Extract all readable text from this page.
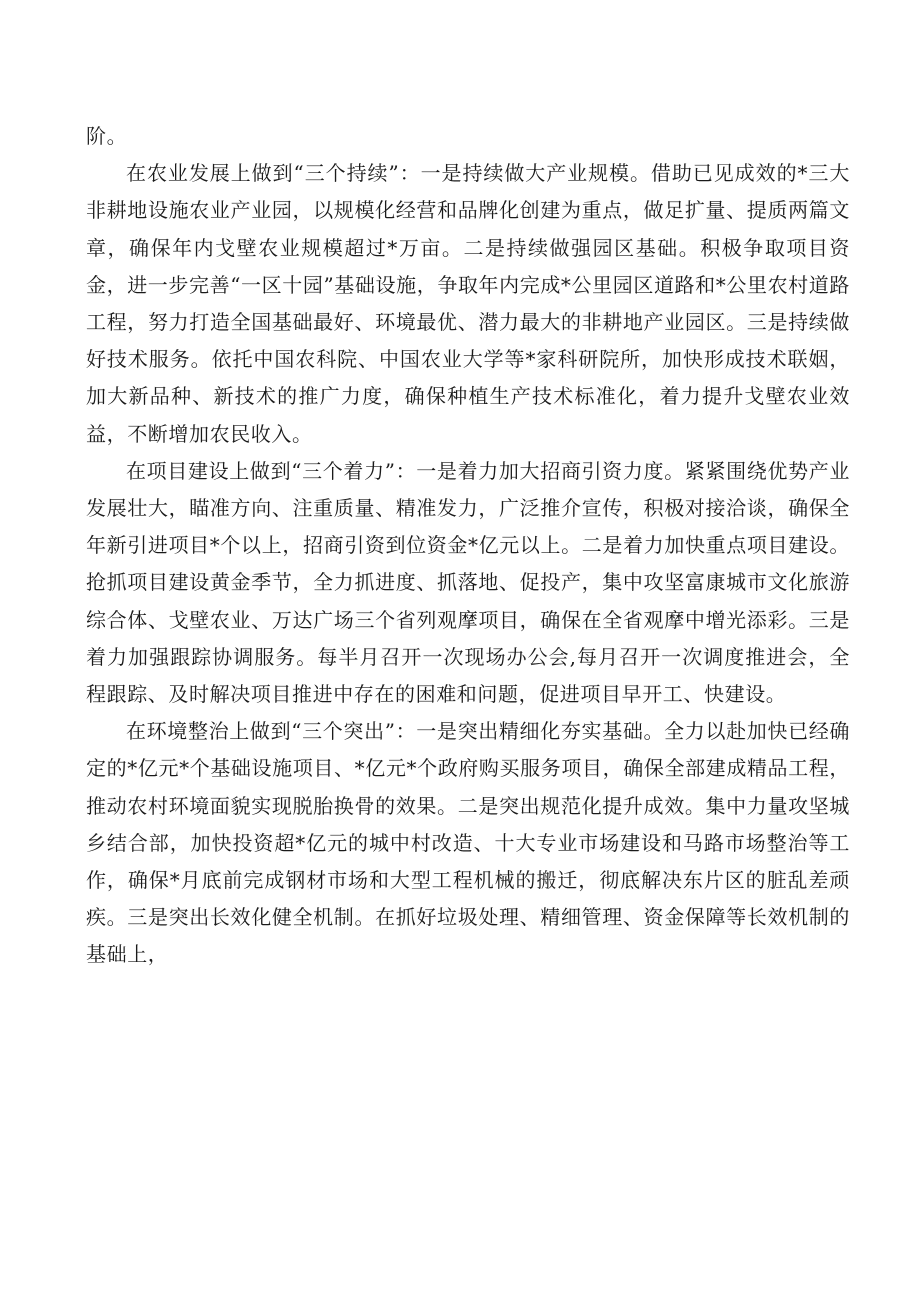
阶。

在农业发展上做到“三个持续”：一是持续做大产业规模。借助已见成效的*三大非耕地设施农业产业园，以规模化经营和品牌化创建为重点，做足扩量、提质两篇文章，确保年内戈壁农业规模超过*万亩。二是持续做强园区基础。积极争取项目资金，进一步完善“一区十园”基础设施，争取年内完成*公里园区道路和*公里农村道路工程，努力打造全国基础最好、环境最优、潜力最大的非耕地产业园区。三是持续做好技术服务。依托中国农科院、中国农业大学等*家科研院所，加快形成技术联姻，加大新品种、新技术的推广力度，确保种植生产技术标准化，着力提升戈壁农业效益，不断增加农民收入。

在项目建设上做到“三个着力”：一是着力加大招商引资力度。紧紧围绕优势产业发展壮大，瞄准方向、注重质量、精准发力，广泛推介宣传，积极对接洽谈，确保全年新引进项目*个以上，招商引资到位资金*亿元以上。二是着力加快重点项目建设。抢抓项目建设黄金季节，全力抓进度、抓落地、促投产，集中攻坚富康城市文化旅游综合体、戈壁农业、万达广场三个省列观摩项目，确保在全省观摩中增光添彩。三是着力加强跟踪协调服务。每半月召开一次现场办公会,每月召开一次调度推进会，全程跟踪、及时解决项目推进中存在的困难和问题，促进项目早开工、快建设。

在环境整治上做到“三个突出”：一是突出精细化夯实基础。全力以赴加快已经确定的*亿元*个基础设施项目、*亿元*个政府购买服务项目，确保全部建成精品工程，推动农村环境面貌实现脱胎换骨的效果。二是突出规范化提升成效。集中力量攻坚城乡结合部，加快投资超*亿元的城中村改造、十大专业市场建设和马路市场整治等工作，确保*月底前完成钢材市场和大型工程机械的搬迁，彻底解决东片区的脏乱差顽疾。三是突出长效化健全机制。在抓好垃圾处理、精细管理、资金保障等长效机制的基础上，
